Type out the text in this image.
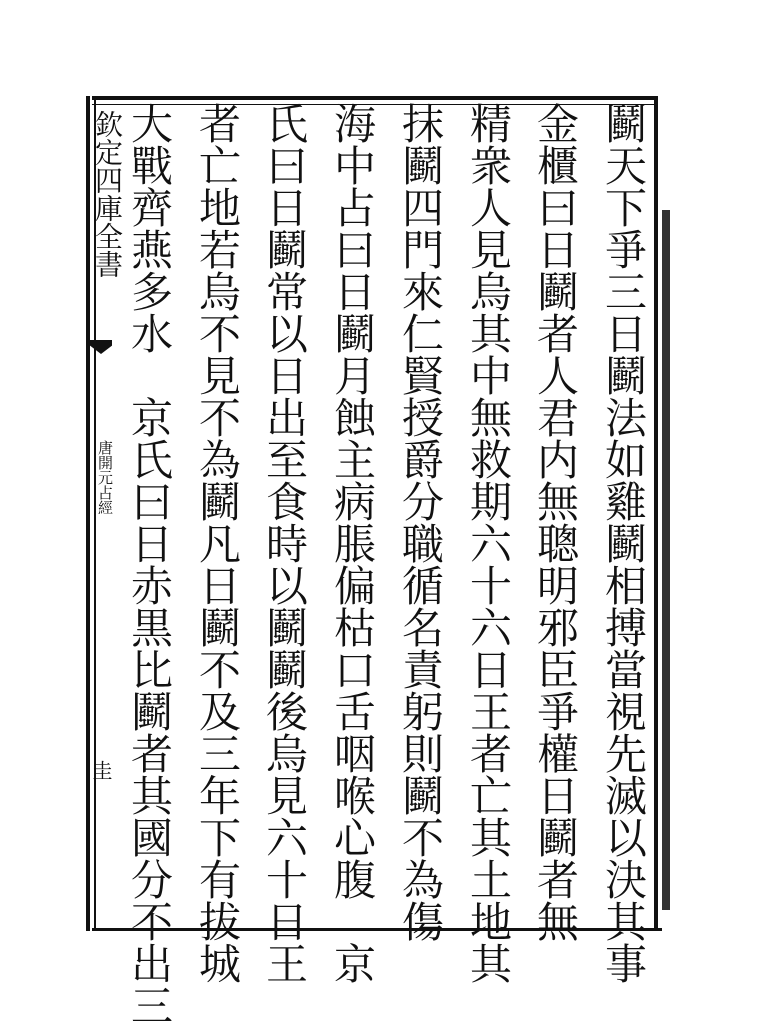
欽定四庫全書
唐開元占經
圭	鬬天下爭三日鬬法如雞鬬相搏當視先滅以決其事
金櫃曰日鬬者人君内無聰明邪臣爭權日鬬者無
精衆人見烏其中無救期六十六日王者亡其土地其
抹鬬四門來仁賢授爵分職循名責躬則鬬不為傷
海中占曰日鬬月蝕主病脹偏枯口舌咽喉心腹　京
氏曰日鬬常以日出至食時以鬬鬬後烏見六十日王
者亡地若烏不見不為鬬凡日鬬不及三年下有拔城
大戰齊燕多水　京氏曰日赤黒比鬬者其國分不出三
